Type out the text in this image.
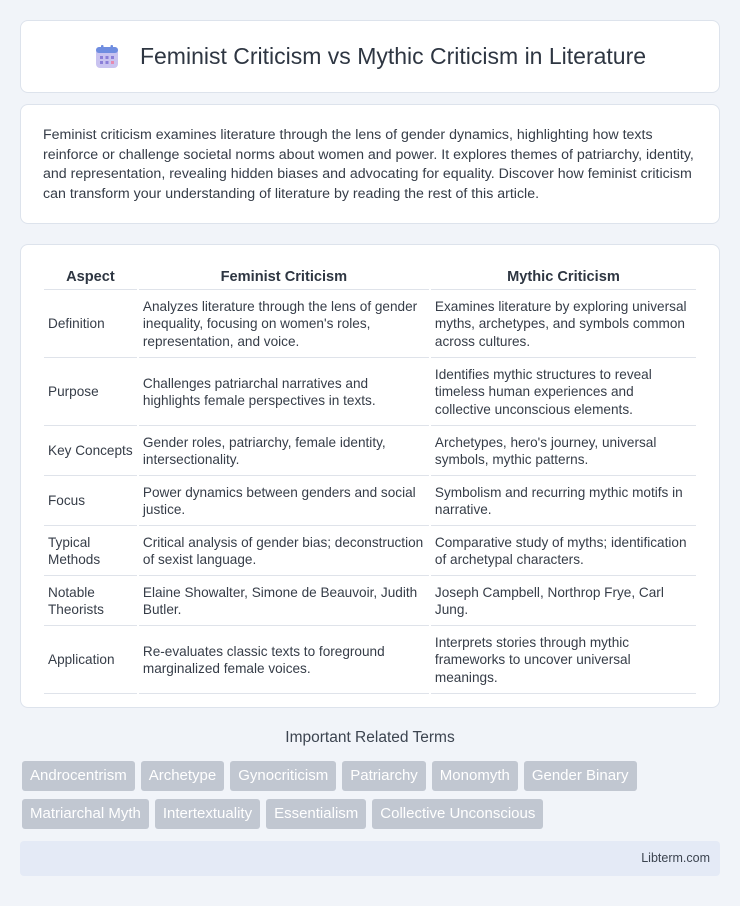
Feminist Criticism vs Mythic Criticism in Literature

Feminist criticism examines literature through the lens of gender dynamics, highlighting how texts reinforce or challenge societal norms about women and power. It explores themes of patriarchy, identity, and representation, revealing hidden biases and advocating for equality. Discover how feminist criticism can transform your understanding of literature by reading the rest of this article.

Aspect	Feminist Criticism	Mythic Criticism
Definition	Analyzes literature through the lens of gender inequality, focusing on women's roles, representation, and voice.	Examines literature by exploring universal myths, archetypes, and symbols common across cultures.
Purpose	Challenges patriarchal narratives and highlights female perspectives in texts.	Identifies mythic structures to reveal timeless human experiences and collective unconscious elements.
Key Concepts	Gender roles, patriarchy, female identity, intersectionality.	Archetypes, hero's journey, universal symbols, mythic patterns.
Focus	Power dynamics between genders and social justice.	Symbolism and recurring mythic motifs in narrative.
Typical Methods	Critical analysis of gender bias; deconstruction of sexist language.	Comparative study of myths; identification of archetypal characters.
Notable Theorists	Elaine Showalter, Simone de Beauvoir, Judith Butler.	Joseph Campbell, Northrop Frye, Carl Jung.
Application	Re-evaluates classic texts to foreground marginalized female voices.	Interprets stories through mythic frameworks to uncover universal meanings.
Important Related Terms
Androcentrism	Archetype	Gynocriticism	Patriarchy	Monomyth	Gender Binary
Matriarchal Myth	Intertextuality	Essentialism	Collective Unconscious
Libterm.com
